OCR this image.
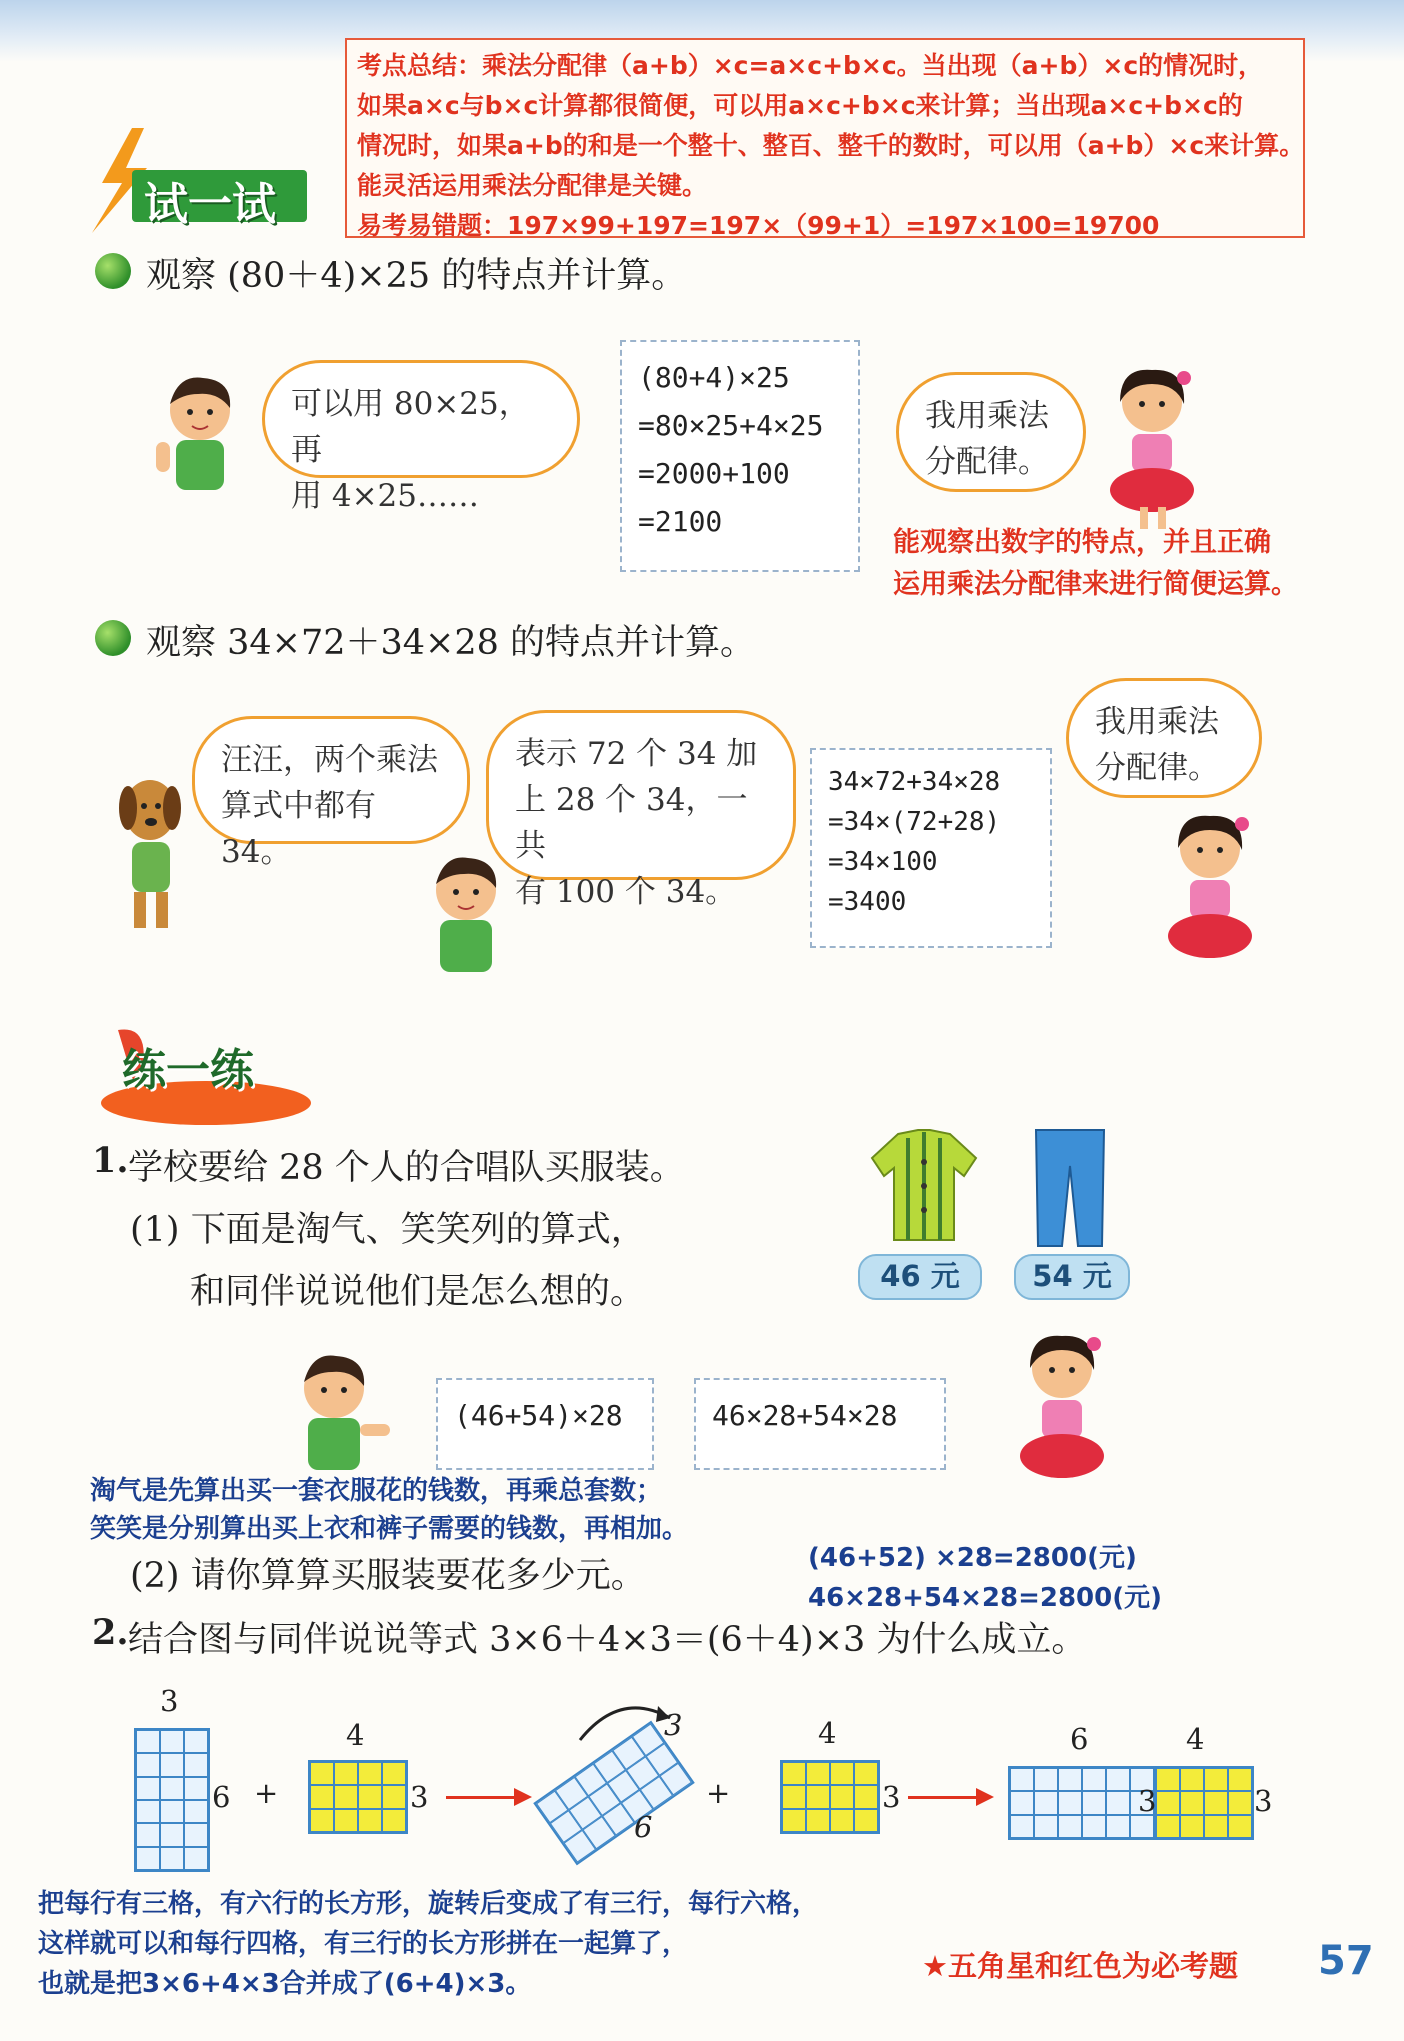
考点总结：乘法分配律（a+b）×c=a×c+b×c。当出现（a+b）×c的情况时，
如果a×c与b×c计算都很简便，可以用a×c+b×c来计算；当出现a×c+b×c的
情况时，如果a+b的和是一个整十、整百、整千的数时，可以用（a+b）×c来计算。
能灵活运用乘法分配律是关键。
易考易错题：197×99+197=197×（99+1）=197×100=19700
试一试
观察 (80＋4)×25 的特点并计算。
可以用 80×25，再
用 4×25……
(80+4)×25
=80×25+4×25
=2000+100
=2100
我用乘法
分配律。
能观察出数字的特点，并且正确
运用乘法分配律来进行简便运算。
观察 34×72＋34×28 的特点并计算。
汪汪，两个乘法
算式中都有 34。
表示 72 个 34 加
上 28 个 34，一共
有 100 个 34。
34×72+34×28
=34×(72+28)
=34×100
=3400
我用乘法
分配律。
练一练
1. 学校要给 28 个人的合唱队买服装。
(1) 下面是淘气、笑笑列的算式，
和同伴说说他们是怎么想的。	46 元	54 元
(46+54)×28	46×28+54×28
淘气是先算出买一套衣服花的钱数，再乘总套数；
笑笑是分别算出买上衣和裤子需要的钱数，再相加。
(2) 请你算算买服装要花多少元。	(46+52) ×28=2800(元)
46×28+54×28=2800(元)
2. 结合图与同伴说说等式 3×6＋4×3＝(6＋4)×3 为什么成立。
3
6 +
4
3
3
6
+
4
3
6	4
3	3
把每行有三格，有六行的长方形，旋转后变成了有三行，每行六格，
这样就可以和每行四格，有三行的长方形拼在一起算了，
也就是把3×6+4×3合并成了(6+4)×3。
★五角星和红色为必考题 57
